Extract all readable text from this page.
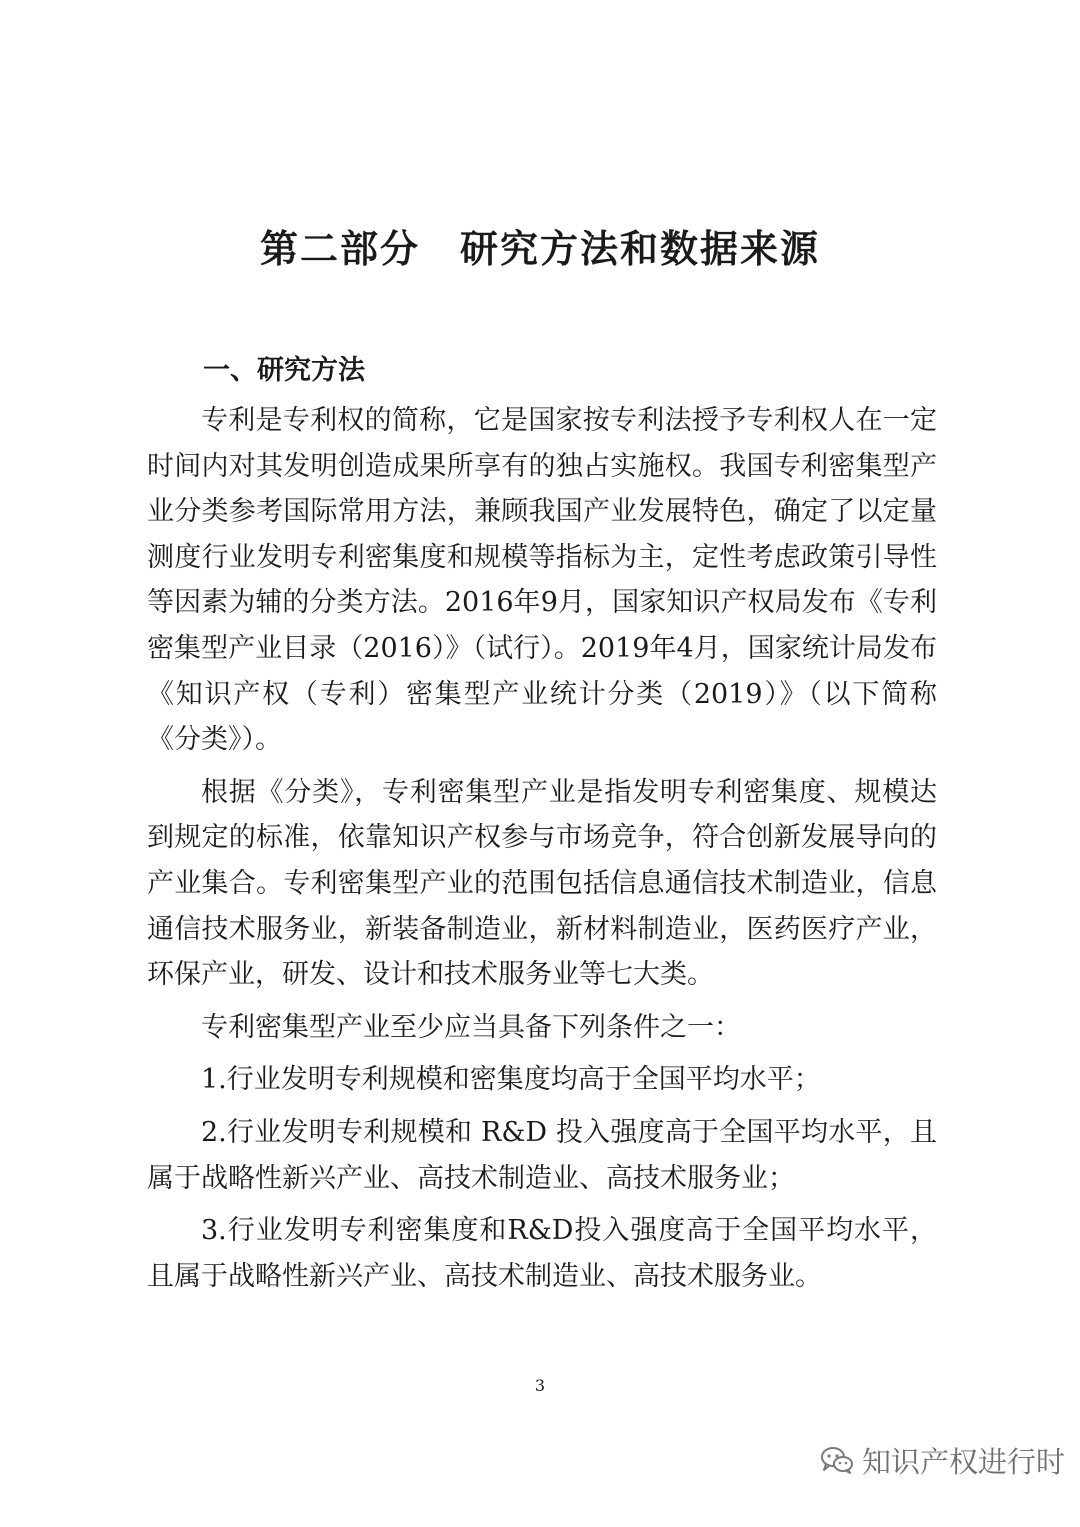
第二部分　研究方法和数据来源
一、研究方法

专利是专利权的简称，它是国家按专利法授予专利权人在一定时间内对其发明创造成果所享有的独占实施权。我国专利密集型产业分类参考国际常用方法，兼顾我国产业发展特色，确定了以定量测度行业发明专利密集度和规模等指标为主，定性考虑政策引导性等因素为辅的分类方法。2016年9月，国家知识产权局发布《专利密集型产业目录（2016）》（试行）。2019年4月，国家统计局发布《知识产权（专利）密集型产业统计分类（2019）》（以下简称《分类》）。

根据《分类》，专利密集型产业是指发明专利密集度、规模达到规定的标准，依靠知识产权参与市场竞争，符合创新发展导向的产业集合。专利密集型产业的范围包括信息通信技术制造业，信息通信技术服务业，新装备制造业，新材料制造业，医药医疗产业，环保产业，研发、设计和技术服务业等七大类。

专利密集型产业至少应当具备下列条件之一：

1.行业发明专利规模和密集度均高于全国平均水平；

2.行业发明专利规模和 R&D 投入强度高于全国平均水平，且属于战略性新兴产业、高技术制造业、高技术服务业；

3.行业发明专利密集度和R&D投入强度高于全国平均水平，且属于战略性新兴产业、高技术制造业、高技术服务业。

3
知识产权进行时
